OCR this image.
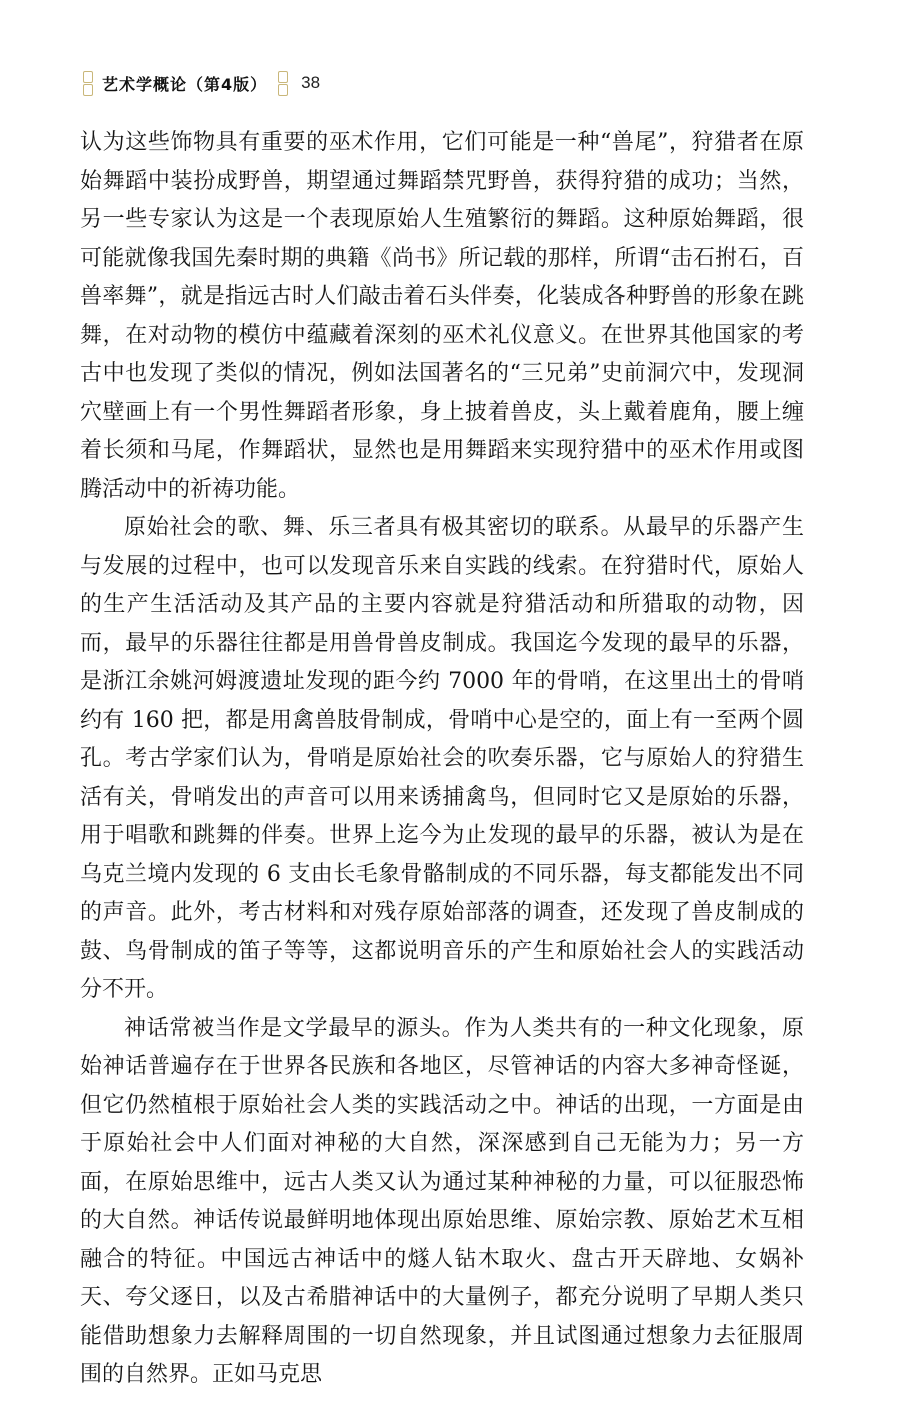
艺术学概论（第4版） 38

认为这些饰物具有重要的巫术作用，它们可能是一种“兽尾”，狩猎者在原始舞蹈中装扮成野兽，期望通过舞蹈禁咒野兽，获得狩猎的成功；当然，另一些专家认为这是一个表现原始人生殖繁衍的舞蹈。这种原始舞蹈，很可能就像我国先秦时期的典籍《尚书》所记载的那样，所谓“击石拊石，百兽率舞”，就是指远古时人们敲击着石头伴奏，化装成各种野兽的形象在跳舞，在对动物的模仿中蕴藏着深刻的巫术礼仪意义。在世界其他国家的考古中也发现了类似的情况，例如法国著名的“三兄弟”史前洞穴中，发现洞穴壁画上有一个男性舞蹈者形象，身上披着兽皮，头上戴着鹿角，腰上缠着长须和马尾，作舞蹈状，显然也是用舞蹈来实现狩猎中的巫术作用或图腾活动中的祈祷功能。

原始社会的歌、舞、乐三者具有极其密切的联系。从最早的乐器产生与发展的过程中，也可以发现音乐来自实践的线索。在狩猎时代，原始人的生产生活活动及其产品的主要内容就是狩猎活动和所猎取的动物，因而，最早的乐器往往都是用兽骨兽皮制成。我国迄今发现的最早的乐器，是浙江余姚河姆渡遗址发现的距今约 7000 年的骨哨，在这里出土的骨哨约有 160 把，都是用禽兽肢骨制成，骨哨中心是空的，面上有一至两个圆孔。考古学家们认为，骨哨是原始社会的吹奏乐器，它与原始人的狩猎生活有关，骨哨发出的声音可以用来诱捕禽鸟，但同时它又是原始的乐器，用于唱歌和跳舞的伴奏。世界上迄今为止发现的最早的乐器，被认为是在乌克兰境内发现的 6 支由长毛象骨骼制成的不同乐器，每支都能发出不同的声音。此外，考古材料和对残存原始部落的调查，还发现了兽皮制成的鼓、鸟骨制成的笛子等等，这都说明音乐的产生和原始社会人的实践活动分不开。

神话常被当作是文学最早的源头。作为人类共有的一种文化现象，原始神话普遍存在于世界各民族和各地区，尽管神话的内容大多神奇怪诞，但它仍然植根于原始社会人类的实践活动之中。神话的出现，一方面是由于原始社会中人们面对神秘的大自然，深深感到自己无能为力；另一方面，在原始思维中，远古人类又认为通过某种神秘的力量，可以征服恐怖的大自然。神话传说最鲜明地体现出原始思维、原始宗教、原始艺术互相融合的特征。中国远古神话中的燧人钻木取火、盘古开天辟地、女娲补天、夸父逐日，以及古希腊神话中的大量例子，都充分说明了早期人类只能借助想象力去解释周围的一切自然现象，并且试图通过想象力去征服周围的自然界。正如马克思
